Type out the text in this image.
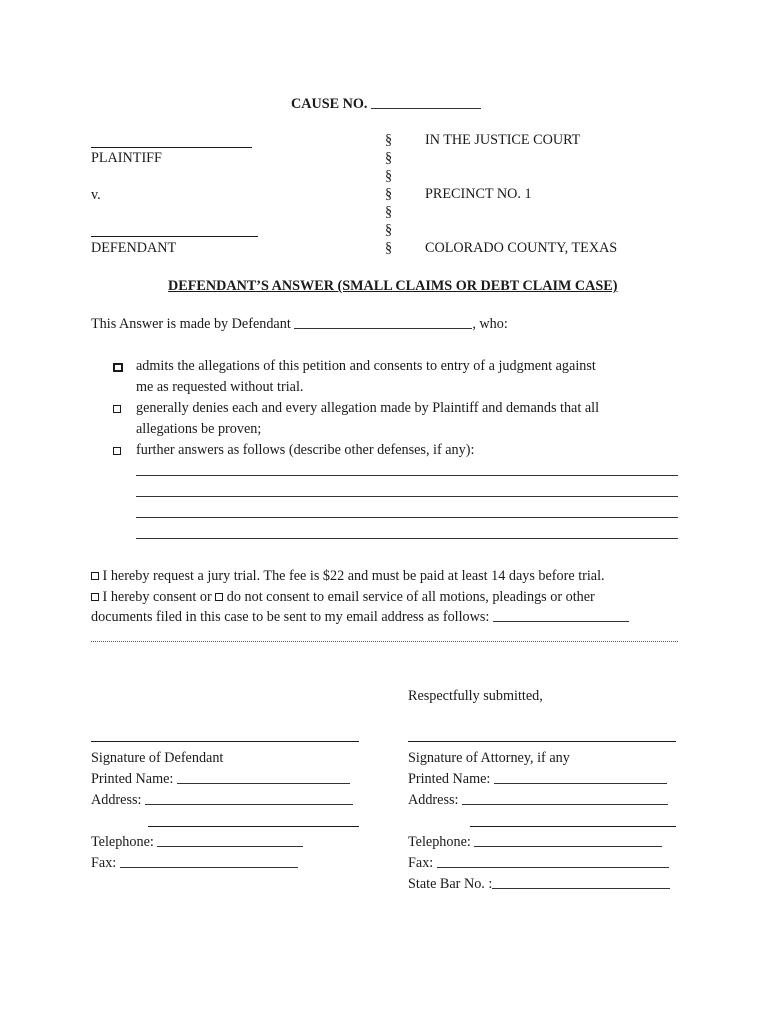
CAUSE NO.
PLAINTIFF
v.
DEFENDANT
§
§
§
§
§
§
§
IN THE JUSTICE COURT
PRECINCT NO. 1
COLORADO COUNTY, TEXAS
DEFENDANT’S ANSWER (SMALL CLAIMS OR DEBT CLAIM CASE)
This Answer is made by Defendant	, who:
admits the allegations of this petition and consents to entry of a judgment against
me as requested without trial.
generally denies each and every allegation made by Plaintiff and demands that all
allegations be proven;
further answers as follows (describe other defenses, if any):
I hereby request a jury trial. The fee is $22 and must be paid at least 14 days before trial.
I hereby consent or do not consent to email service of all motions, pleadings or other
documents filed in this case to be sent to my email address as follows:
Respectfully submitted,
Signature of Defendant
Printed Name:
Address:
Telephone:
Fax:
Signature of Attorney, if any
Printed Name:
Address:
Telephone:
Fax:
State Bar No. :
